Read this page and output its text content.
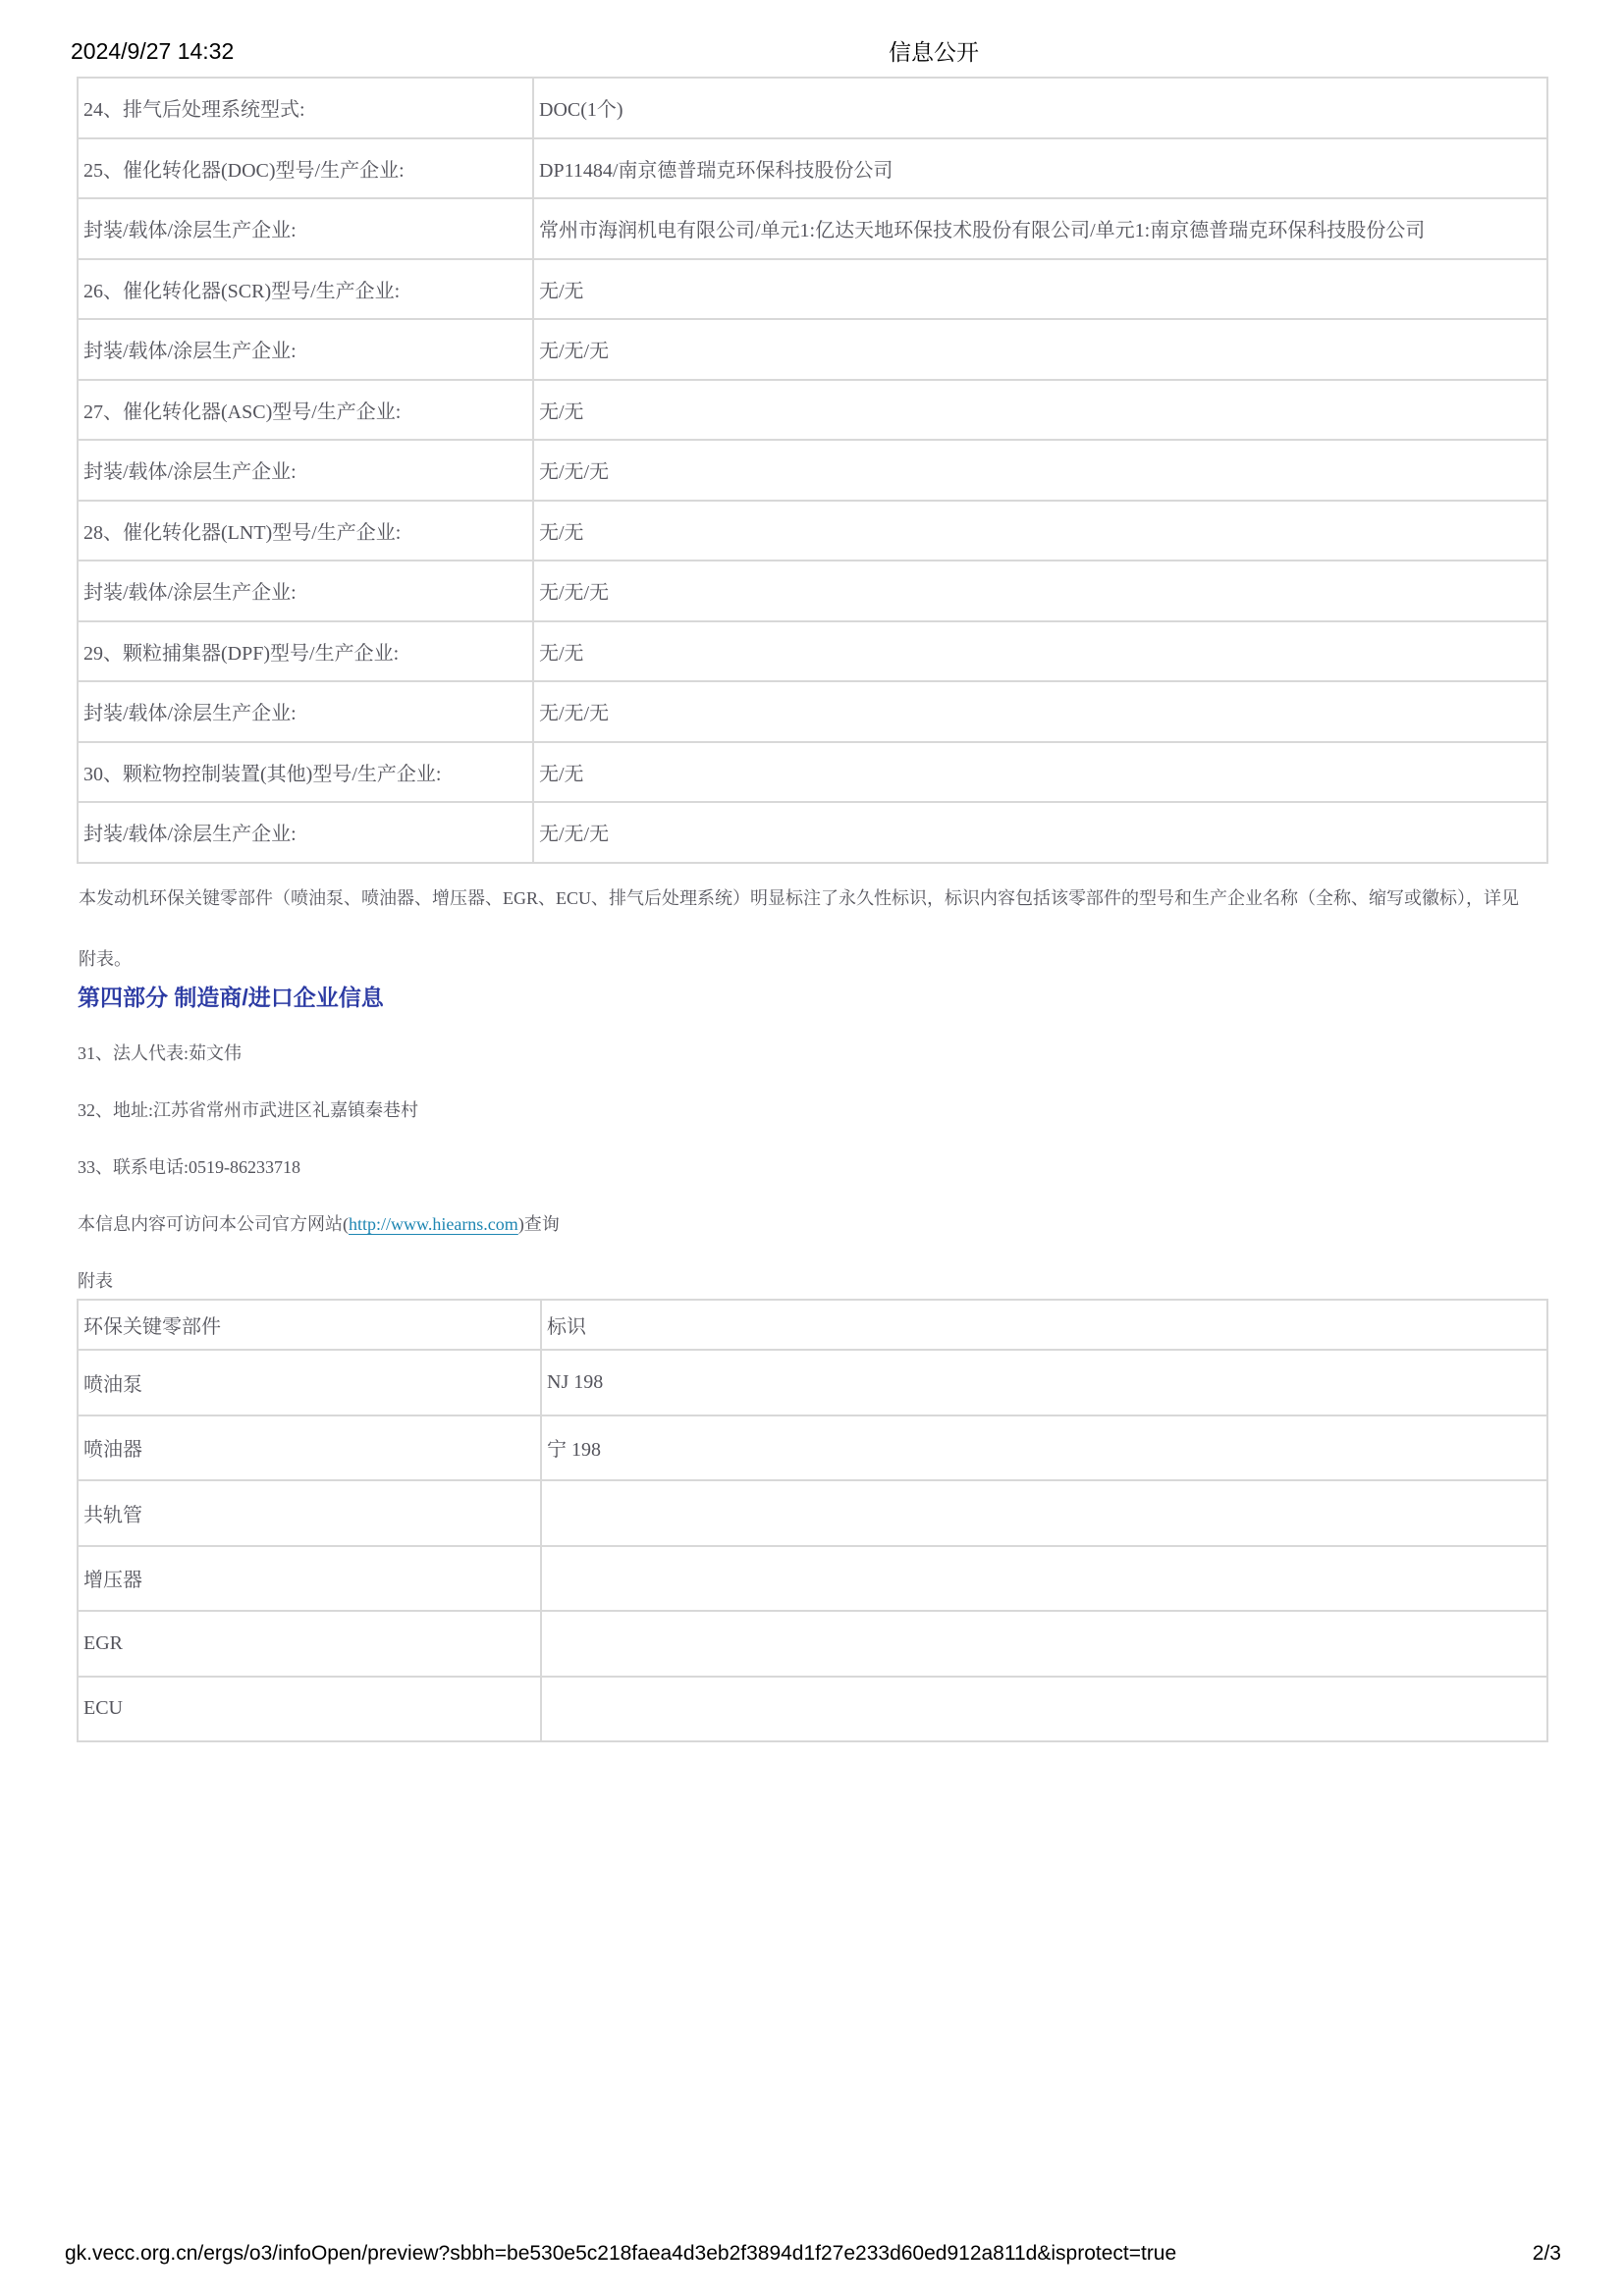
2024/9/27 14:32	信息公开
24、排气后处理系统型式:	DOC(1个)
25、催化转化器(DOC)型号/生产企业:	DP11484/南京德普瑞克环保科技股份公司
封装/载体/涂层生产企业:	常州市海润机电有限公司/单元1:亿达天地环保技术股份有限公司/单元1:南京德普瑞克环保科技股份公司
26、催化转化器(SCR)型号/生产企业:	无/无
封装/载体/涂层生产企业:	无/无/无
27、催化转化器(ASC)型号/生产企业:	无/无
封装/载体/涂层生产企业:	无/无/无
28、催化转化器(LNT)型号/生产企业:	无/无
封装/载体/涂层生产企业:	无/无/无
29、颗粒捕集器(DPF)型号/生产企业:	无/无
封装/载体/涂层生产企业:	无/无/无
30、颗粒物控制装置(其他)型号/生产企业:	无/无
封装/载体/涂层生产企业:	无/无/无
本发动机环保关键零部件（喷油泵、喷油器、增压器、EGR、ECU、排气后处理系统）明显标注了永久性标识，标识内容包括该零部件的型号和生产企业名称（全称、缩写或徽标），详见附表。
第四部分 制造商/进口企业信息
31、法人代表:茹文伟
32、地址:江苏省常州市武进区礼嘉镇秦巷村
33、联系电话:0519-86233718
本信息内容可访问本公司官方网站(http://www.hiearns.com)查询
附表
环保关键零部件	标识
喷油泵	NJ 198
喷油器	宁 198
共轨管	
增压器	
EGR	
ECU	
gk.vecc.org.cn/ergs/o3/infoOpen/preview?sbbh=be530e5c218faea4d3eb2f3894d1f27e233d60ed912a811d&isprotect=true	2/3
